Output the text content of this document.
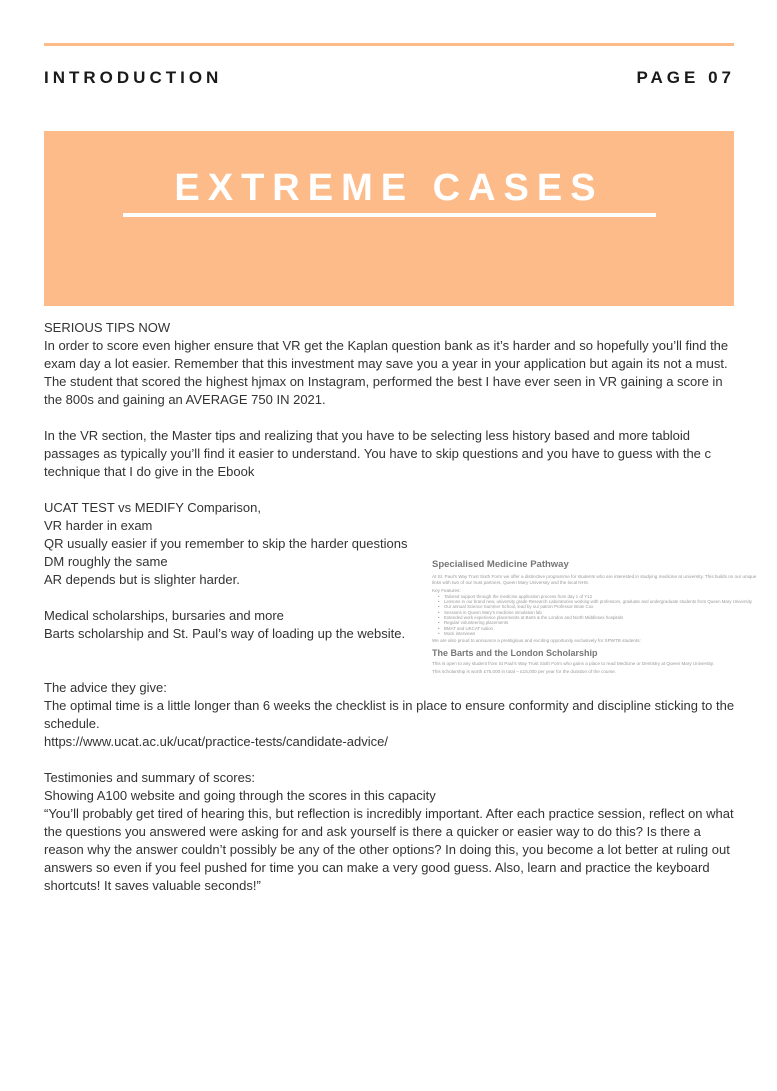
INTRODUCTION	PAGE 07
EXTREME CASES

SERIOUS TIPS NOW

In order to score even higher ensure that VR get the Kaplan question bank as it’s harder and so hopefully you’ll find the exam day a lot easier. Remember that this investment may save you a year in your application but again its not a must. The student that scored the highest hjmax on Instagram, performed the best I have ever seen in VR gaining a score in the 800s and gaining an AVERAGE 750 IN 2021.

In the VR section, the Master tips and realizing that you have to be selecting less history based and more tabloid passages as typically you’ll find it easier to understand. You have to skip questions and you have to guess with the c technique that I do give in the Ebook

UCAT TEST vs MEDIFY Comparison,

VR harder in exam

QR usually easier if you remember to skip the harder questions

DM roughly the same

AR depends but is slighter harder.

Medical scholarships, bursaries and more

Barts scholarship and St. Paul’s way of loading up the website.

The advice they give:

The optimal time is a little longer than 6 weeks the checklist is in place to ensure conformity and discipline sticking to the schedule.

https://www.ucat.ac.uk/ucat/practice-tests/candidate-advice/

Testimonies and summary of scores:

Showing A100 website and going through the scores in this capacity

“You’ll probably get tired of hearing this, but reflection is incredibly important. After each practice session, reflect on what the questions you answered were asking for and ask yourself is there a quicker or easier way to do this? Is there a reason why the answer couldn’t possibly be any of the other options? In doing this, you become a lot better at ruling out answers so even if you feel pushed for time you can make a very good guess. Also, learn and practice the keyboard shortcuts! It saves valuable seconds!”

Specialised Medicine Pathway
At St. Paul’s Way Trust Sixth Form we offer a distinctive programme for students who are interested in studying medicine at university. This builds on our unique
links with two of our trust partners, Queen Mary University and the local NHS.
Key Features:
• Tailored support through the medicine application process from day 1 of Y12
• Lessons in our brand new, university grade Research Laboratories working with professors, graduate and undergraduate students from Queen Mary University
• Our annual Science Summer School, lead by our patron Professor Brian Cox
• Sessions in Queen Mary’s medicine simulation lab
• Extended work experience placements at Barts & the London and North Middlesex hospitals
• Regular volunteering placements
• BMAT and UKCAT tuition
• Mock interviews
We are also proud to announce a prestigious and exciting opportunity exclusively for SPWTB students:
The Barts and the London Scholarship
This is open to any student from St Paul’s Way Trust Sixth Form who gains a place to read Medicine or Dentistry at Queen Mary University.
This scholarship is worth £75,000 in total – £15,000 per year for the duration of the course.
